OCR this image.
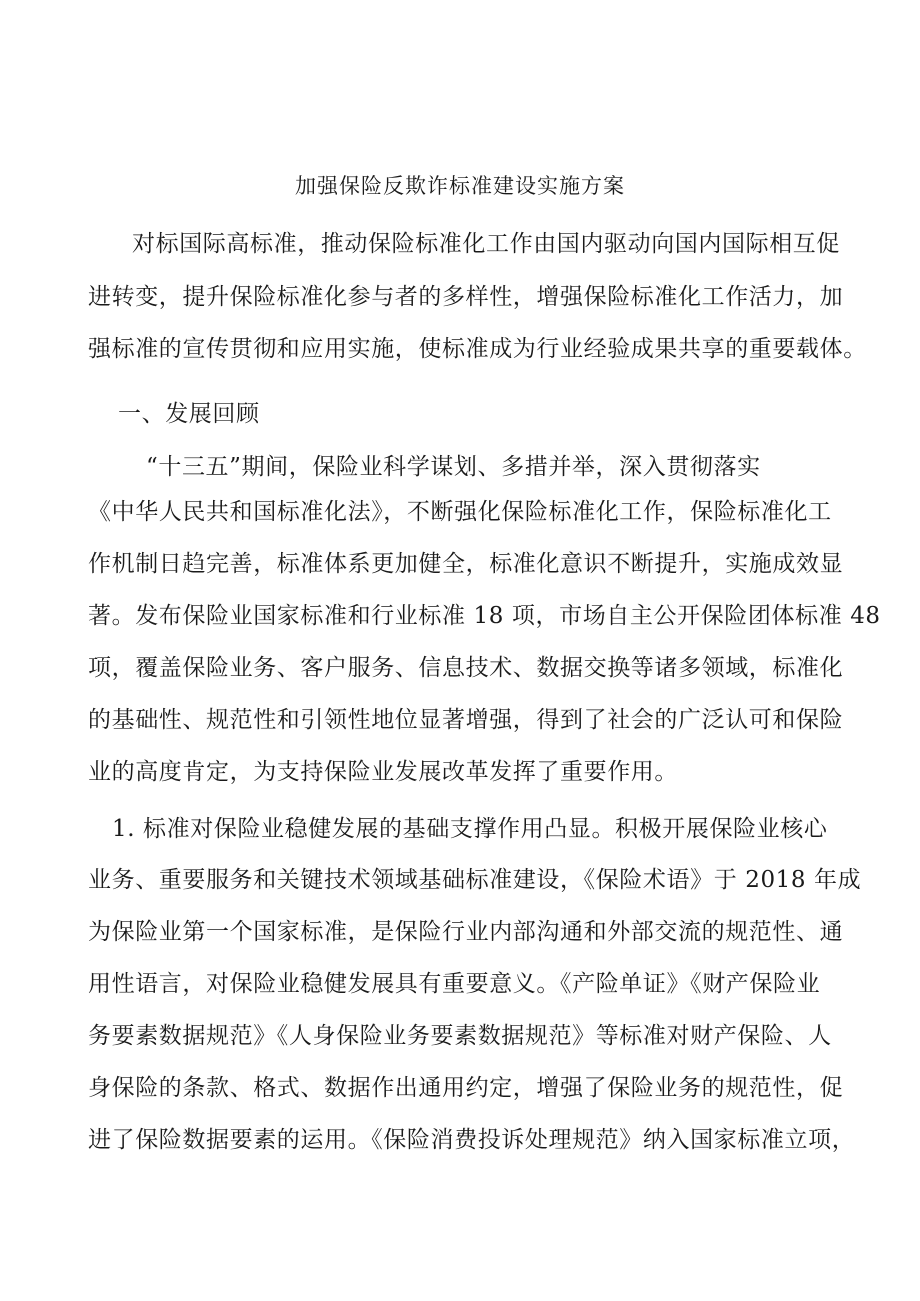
加强保险反欺诈标准建设实施方案
对标国际高标准，推动保险标准化工作由国内驱动向国内国际相互促
进转变，提升保险标准化参与者的多样性，增强保险标准化工作活力，加
强标准的宣传贯彻和应用实施，使标准成为行业经验成果共享的重要载体。
一、发展回顾
“十三五”期间，保险业科学谋划、多措并举，深入贯彻落实
《中华人民共和国标准化法》，不断强化保险标准化工作，保险标准化工
作机制日趋完善，标准体系更加健全，标准化意识不断提升，实施成效显
著。发布保险业国家标准和行业标准 18 项，市场自主公开保险团体标准 48
项，覆盖保险业务、客户服务、信息技术、数据交换等诸多领域，标准化
的基础性、规范性和引领性地位显著增强，得到了社会的广泛认可和保险
业的高度肯定，为支持保险业发展改革发挥了重要作用。
1. 标准对保险业稳健发展的基础支撑作用凸显。积极开展保险业核心
业务、重要服务和关键技术领域基础标准建设，《保险术语》于 2018 年成
为保险业第一个国家标准，是保险行业内部沟通和外部交流的规范性、通
用性语言，对保险业稳健发展具有重要意义。《产险单证》《财产保险业
务要素数据规范》《人身保险业务要素数据规范》等标准对财产保险、人
身保险的条款、格式、数据作出通用约定，增强了保险业务的规范性，促
进了保险数据要素的运用。《保险消费投诉处理规范》纳入国家标准立项，
